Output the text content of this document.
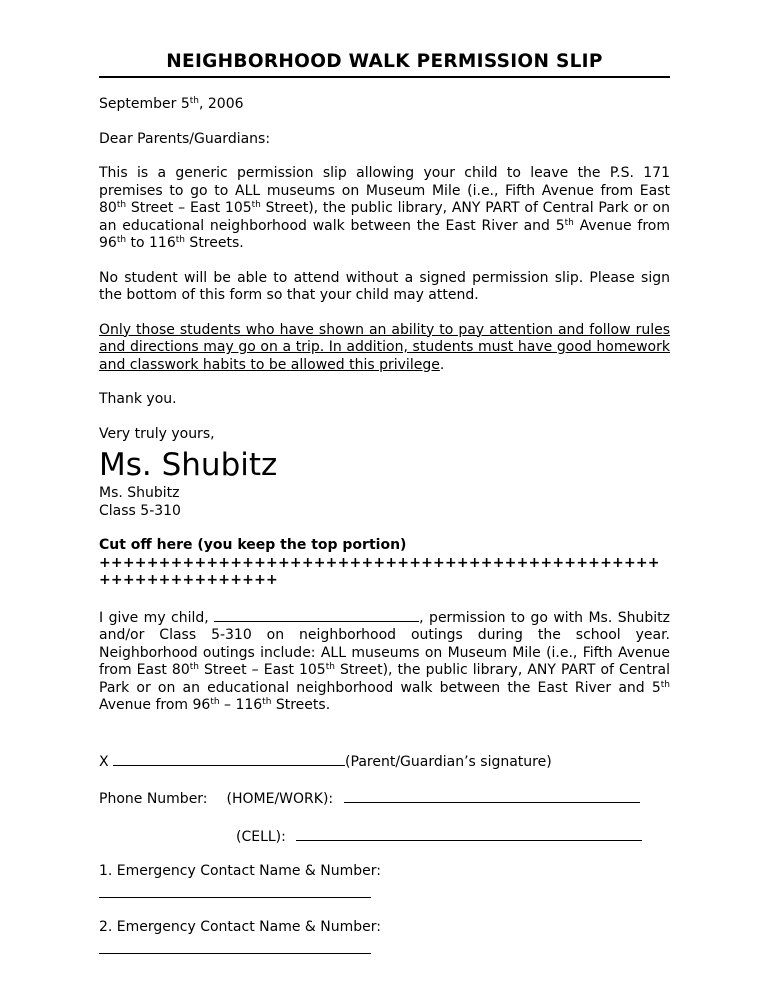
NEIGHBORHOOD WALK PERMISSION SLIP

September 5th, 2006

Dear Parents/Guardians:

This is a generic permission slip allowing your child to leave the P.S. 171 premises to go to ALL museums on Museum Mile (i.e., Fifth Avenue from East 80th Street – East 105th Street), the public library, ANY PART of Central Park or on an educational neighborhood walk between the East River and 5th Avenue from 96th to 116th Streets.

No student will be able to attend without a signed permission slip. Please sign the bottom of this form so that your child may attend.

Only those students who have shown an ability to pay attention and follow rules and directions may go on a trip. In addition, students must have good homework and classwork habits to be allowed this privilege.

Thank you.

Very truly yours,

Ms. Shubitz

Ms. Shubitz

Class 5-310

Cut off here (you keep the top portion)

++++++++++++++++++++++++++++++++++++++++++++++++++++++++++++++

I give my child,	, permission to go with Ms. Shubitz and/or Class 5-310 on neighborhood outings during the school year. Neighborhood outings include: ALL museums on Museum Mile (i.e., Fifth Avenue from East 80th Street – East 105th Street), the public library, ANY PART of Central Park or on an educational neighborhood walk between the East River and 5th Avenue from 96th – 116th Streets.

X	(Parent/Guardian’s signature)

Phone Number: (HOME/WORK):

(CELL):

1. Emergency Contact Name & Number:

2. Emergency Contact Name & Number:
